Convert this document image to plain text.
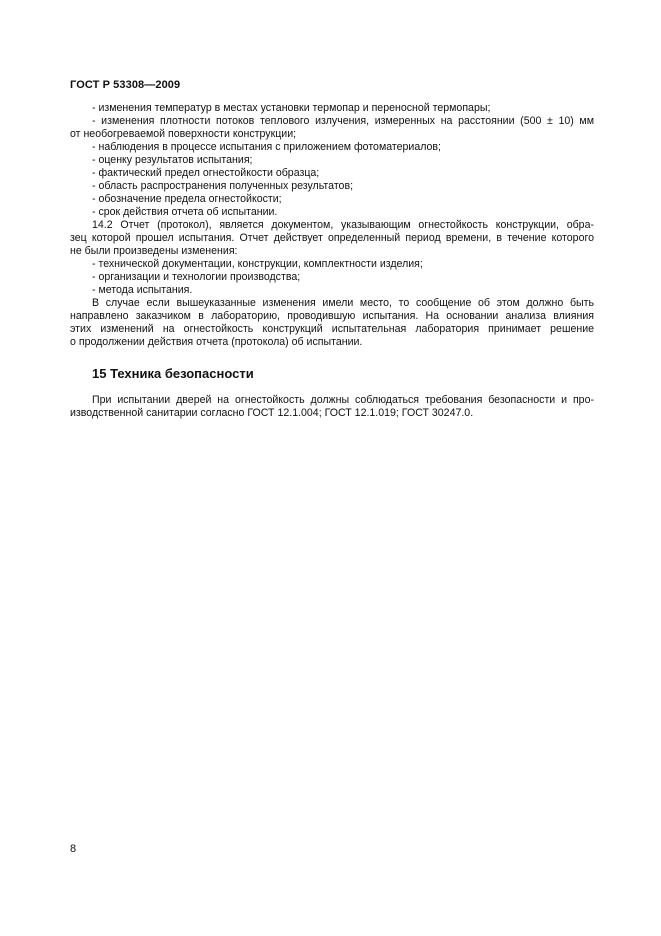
ГОСТ Р 53308—2009
- изменения температур в местах установки термопар и переносной термопары;
- изменения плотности потоков теплового излучения, измеренных на расстоянии (500 ± 10) мм
от необогреваемой поверхности конструкции;
- наблюдения в процессе испытания с приложением фотоматериалов;
- оценку результатов испытания;
- фактический предел огнестойкости образца;
- область распространения полученных результатов;
- обозначение предела огнестойкости;
- срок действия отчета об испытании.
14.2 Отчет (протокол), является документом, указывающим огнестойкость конструкции, обра-
зец которой прошел испытания. Отчет действует определенный период времени, в течение которого
не были произведены изменения:
- технической документации, конструкции, комплектности изделия;
- организации и технологии производства;
- метода испытания.
В случае если вышеуказанные изменения имели место, то сообщение об этом должно быть
направлено заказчиком в лабораторию, проводившую испытания. На основании анализа влияния
этих изменений на огнестойкость конструкций испытательная лаборатория принимает решение
о продолжении действия отчета (протокола) об испытании.
15 Техника безопасности
При испытании дверей на огнестойкость должны соблюдаться требования безопасности и про-
изводственной санитарии согласно ГОСТ 12.1.004; ГОСТ 12.1.019; ГОСТ 30247.0.
8
